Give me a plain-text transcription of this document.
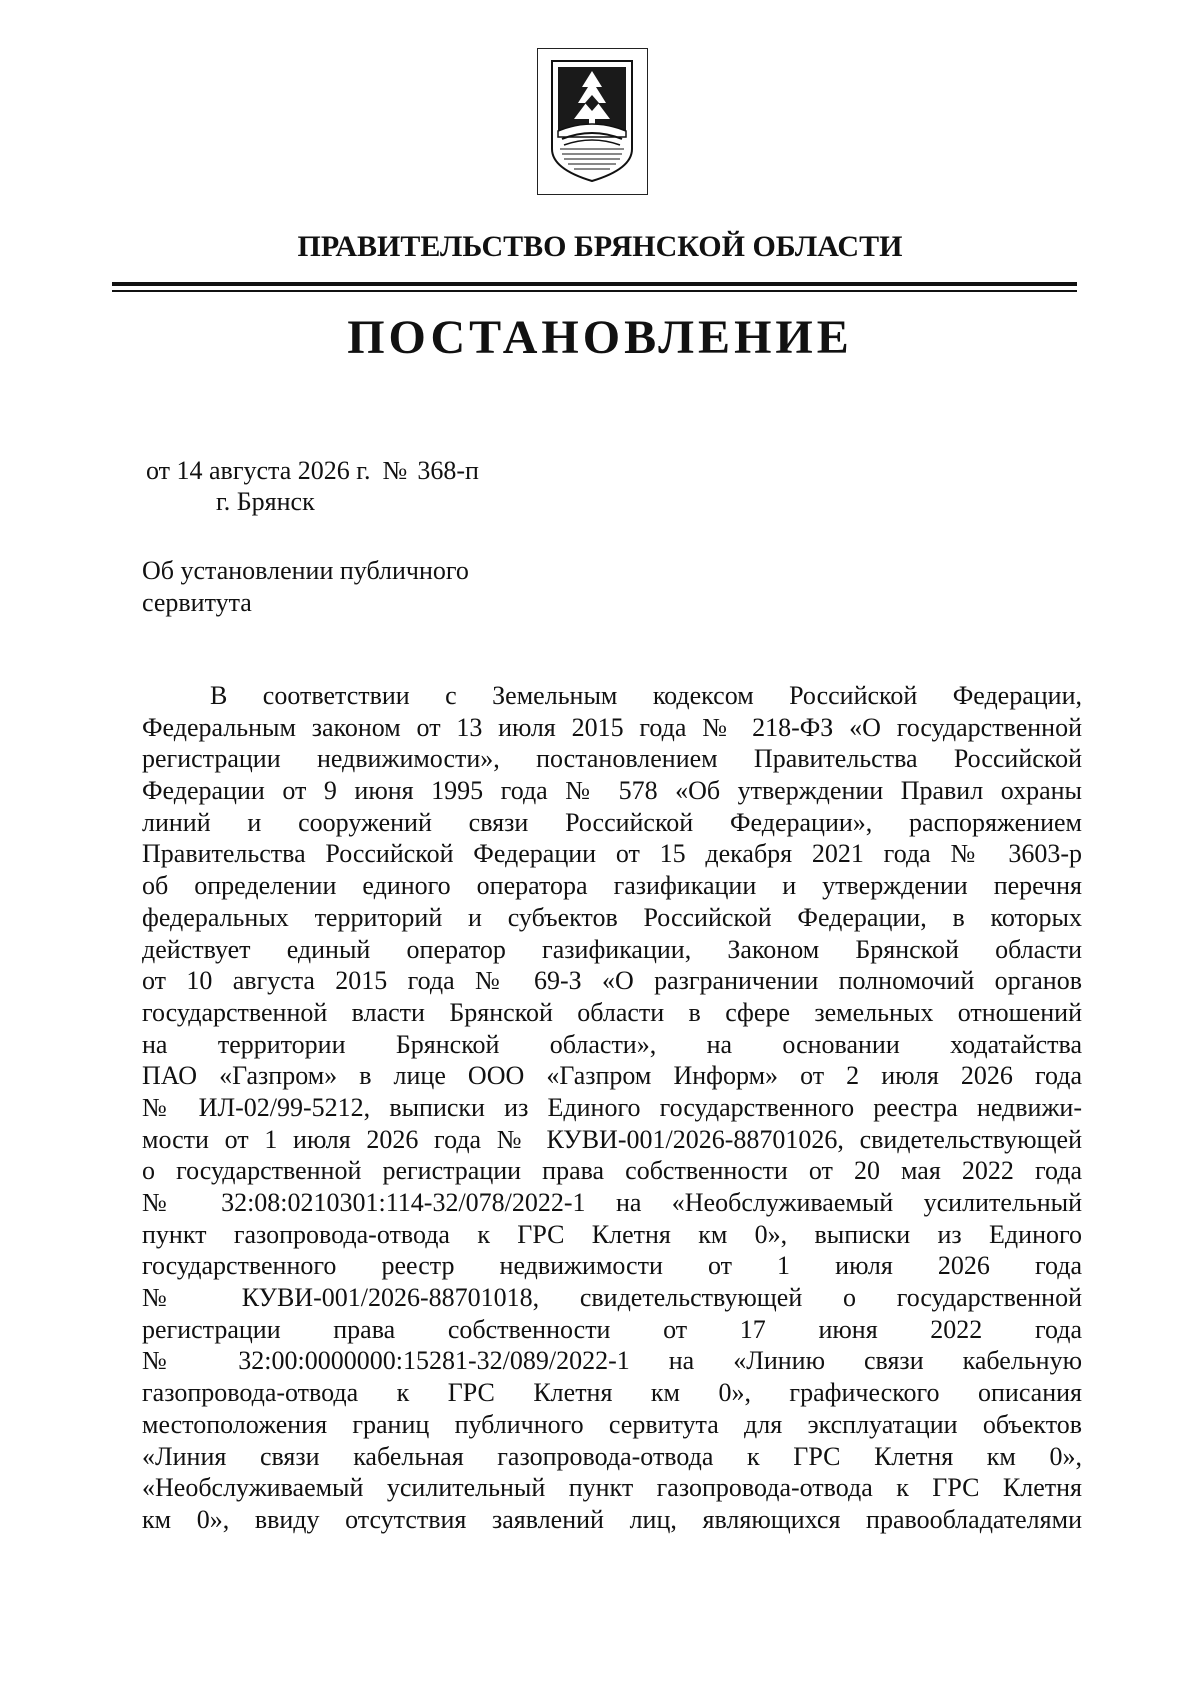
ПРАВИТЕЛЬСТВО БРЯНСКОЙ ОБЛАСТИ
ПОСТАНОВЛЕНИЕ
от 14 августа 2026 г. № 368-п
г. Брянск
Об установлении публичного
сервитута
В соответствии с Земельным кодексом Российской Федерации,
Федеральным законом от 13 июля 2015 года № 218-ФЗ «О государственной
регистрации недвижимости», постановлением Правительства Российской
Федерации от 9 июня 1995 года № 578 «Об утверждении Правил охраны
линий и сооружений связи Российской Федерации», распоряжением
Правительства Российской Федерации от 15 декабря 2021 года № 3603-р
об определении единого оператора газификации и утверждении перечня
федеральных территорий и субъектов Российской Федерации, в которых
действует единый оператор газификации, Законом Брянской области
от 10 августа 2015 года № 69-З «О разграничении полномочий органов
государственной власти Брянской области в сфере земельных отношений
на территории Брянской области», на основании ходатайства
ПАО «Газпром» в лице ООО «Газпром Информ» от 2 июля 2026 года
№ ИЛ-02/99-5212, выписки из Единого государственного реестра недвижи-
мости от 1 июля 2026 года № КУВИ-001/2026-88701026, свидетельствующей
о государственной регистрации права собственности от 20 мая 2022 года
№ 32:08:0210301:114-32/078/2022-1 на «Необслуживаемый усилительный
пункт газопровода-отвода к ГРС Клетня км 0», выписки из Единого
государственного реестр недвижимости от 1 июля 2026 года
№ КУВИ-001/2026-88701018, свидетельствующей о государственной
регистрации права собственности от 17 июня 2022 года
№ 32:00:0000000:15281-32/089/2022-1 на «Линию связи кабельную
газопровода-отвода к ГРС Клетня км 0», графического описания
местоположения границ публичного сервитута для эксплуатации объектов
«Линия связи кабельная газопровода-отвода к ГРС Клетня км 0»,
«Необслуживаемый усилительный пункт газопровода-отвода к ГРС Клетня
км 0», ввиду отсутствия заявлений лиц, являющихся правообладателями
